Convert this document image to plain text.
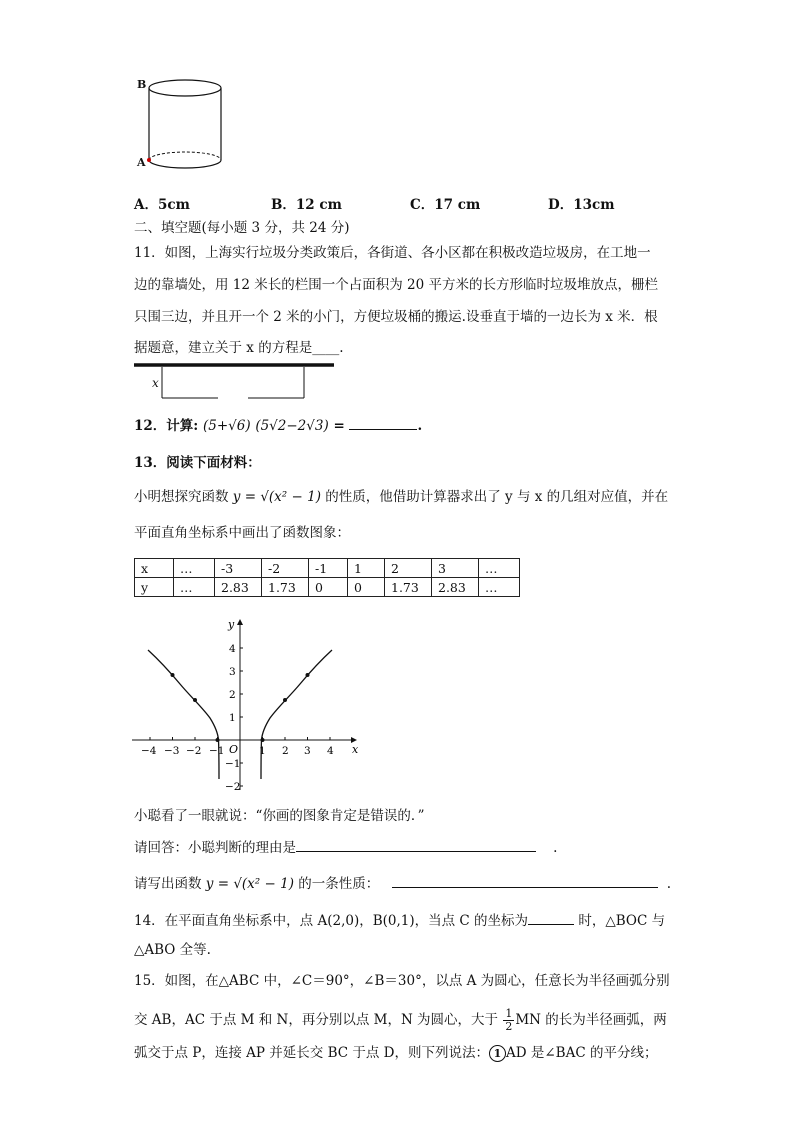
B
A
A．5cm	B．12 cm	C．17 cm	D．13cm
二、填空题(每小题 3 分，共 24 分)
11．如图，上海实行垃圾分类政策后，各街道、各小区都在积极改造垃圾房，在工地一
边的靠墙处，用 12 米长的栏围一个占面积为 20 平方米的长方形临时垃圾堆放点，栅栏
只围三边，并且开一个 2 米的小门，方便垃圾桶的搬运.设垂直于墙的一边长为 x 米．根
据题意，建立关于 x 的方程是____.
x
12．计算: (5+√6) (5√2−2√3) =	.
13．阅读下面材料：
小明想探究函数 y = √(x² − 1) 的性质，他借助计算器求出了 y 与 x 的几组对应值，并在
平面直角坐标系中画出了函数图象：
x	…	-3	-2	-1	1	2	3	…
y	…	2.83	1.73	0	0	1.73	2.83	…
x
y
O
−4 −3 −2 −1	1 2 3 4
4
3
2
1
−1
−2
小聪看了一眼就说：“你画的图象肯定是错误的．”
请回答：小聪判断的理由是	.
请写出函数 y = √(x² − 1) 的一条性质：	.
14．在平面直角坐标系中，点 A(2,0)，B(0,1)，当点 C 的坐标为	时，△BOC 与
△ABO 全等.
15．如图，在△ABC 中，∠C＝90°，∠B＝30°，以点 A 为圆心，任意长为半径画弧分别
交 AB，AC 于点 M 和 N，再分别以点 M，N 为圆心，大于 $\frac{1}{2}$ MN 的长为半径画弧，两
弧交于点 P，连接 AP 并延长交 BC 于点 D，则下列说法： 1 AD 是∠BAC 的平分线；
